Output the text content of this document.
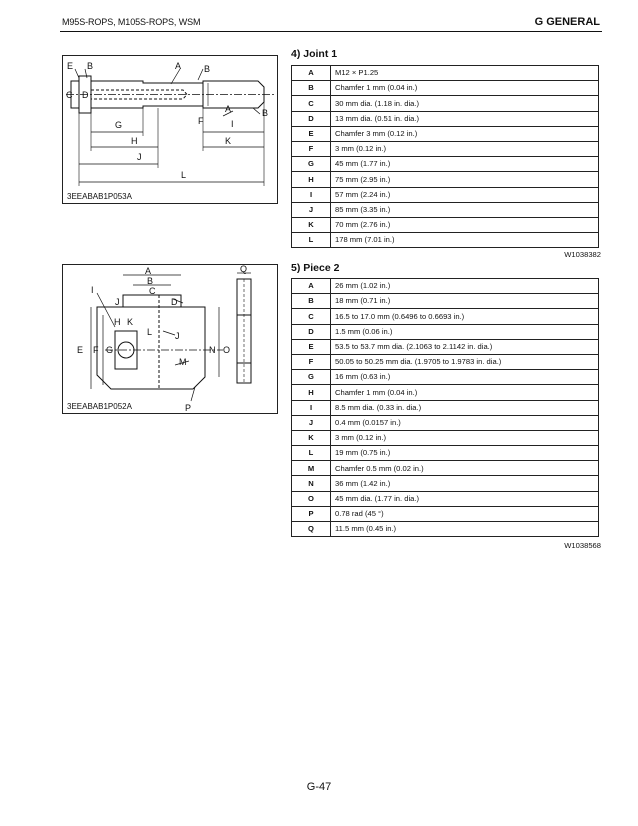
M95S-ROPS, M105S-ROPS, WSM	G GENERAL
E B	A	B
C D
A	B
F	I
G
H	K
J
L
3EEABAB1P053A
A
B
C
D
I
J
H K
L	J
E F G	N O
M
P
Q
3EEABAB1P052A
4) Joint 1
A	M12 × P1.25
B	Chamfer 1 mm (0.04 in.)
C	30 mm dia. (1.18 in. dia.)
D	13 mm dia. (0.51 in. dia.)
E	Chamfer 3 mm (0.12 in.)
F	3 mm (0.12 in.)
G	45 mm (1.77 in.)
H	75 mm (2.95 in.)
I	57 mm (2.24 in.)
J	85 mm (3.35 in.)
K	70 mm (2.76 in.)
L	178 mm (7.01 in.)
W1038382
5) Piece 2
A	26 mm (1.02 in.)
B	18 mm (0.71 in.)
C	16.5 to 17.0 mm (0.6496 to 0.6693 in.)
D	1.5 mm (0.06 in.)
E	53.5 to 53.7 mm dia. (2.1063 to 2.1142 in. dia.)
F	50.05 to 50.25 mm dia. (1.9705 to 1.9783 in. dia.)
G	16 mm (0.63 in.)
H	Chamfer 1 mm (0.04 in.)
I	8.5 mm dia. (0.33 in. dia.)
J	0.4 mm (0.0157 in.)
K	3 mm (0.12 in.)
L	19 mm (0.75 in.)
M	Chamfer 0.5 mm (0.02 in.)
N	36 mm (1.42 in.)
O	45 mm dia. (1.77 in. dia.)
P	0.78 rad (45 °)
Q	11.5 mm (0.45 in.)
W1038568
G-47
